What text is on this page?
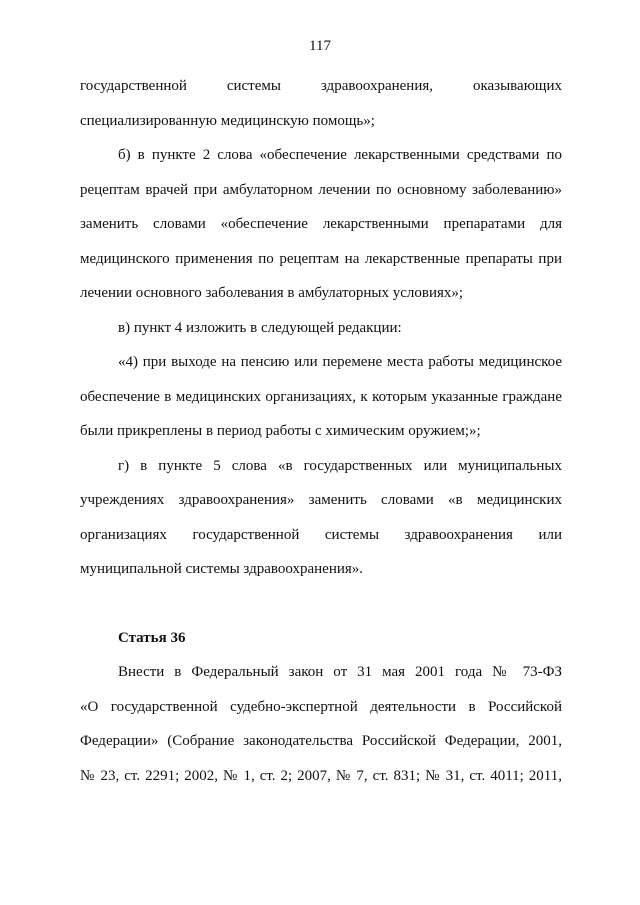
117
государственной системы здравоохранения, оказывающих
специализированную медицинскую помощь»;
б) в пункте 2 слова «обеспечение лекарственными средствами по
рецептам врачей при амбулаторном лечении по основному заболеванию»
заменить словами «обеспечение лекарственными препаратами для
медицинского применения по рецептам на лекарственные препараты при
лечении основного заболевания в амбулаторных условиях»;
в) пункт 4 изложить в следующей редакции:
«4) при выходе на пенсию или перемене места работы медицинское
обеспечение в медицинских организациях, к которым указанные граждане
были прикреплены в период работы с химическим оружием;»;
г) в пункте 5 слова «в государственных или муниципальных
учреждениях здравоохранения» заменить словами «в медицинских
организациях государственной системы здравоохранения или
муниципальной системы здравоохранения».
Статья 36
Внести в Федеральный закон от 31 мая 2001 года № 73-ФЗ
«О государственной судебно-экспертной деятельности в Российской
Федерации» (Собрание законодательства Российской Федерации, 2001,
№ 23, ст. 2291; 2002, № 1, ст. 2; 2007, № 7, ст. 831; № 31, ст. 4011; 2011,
